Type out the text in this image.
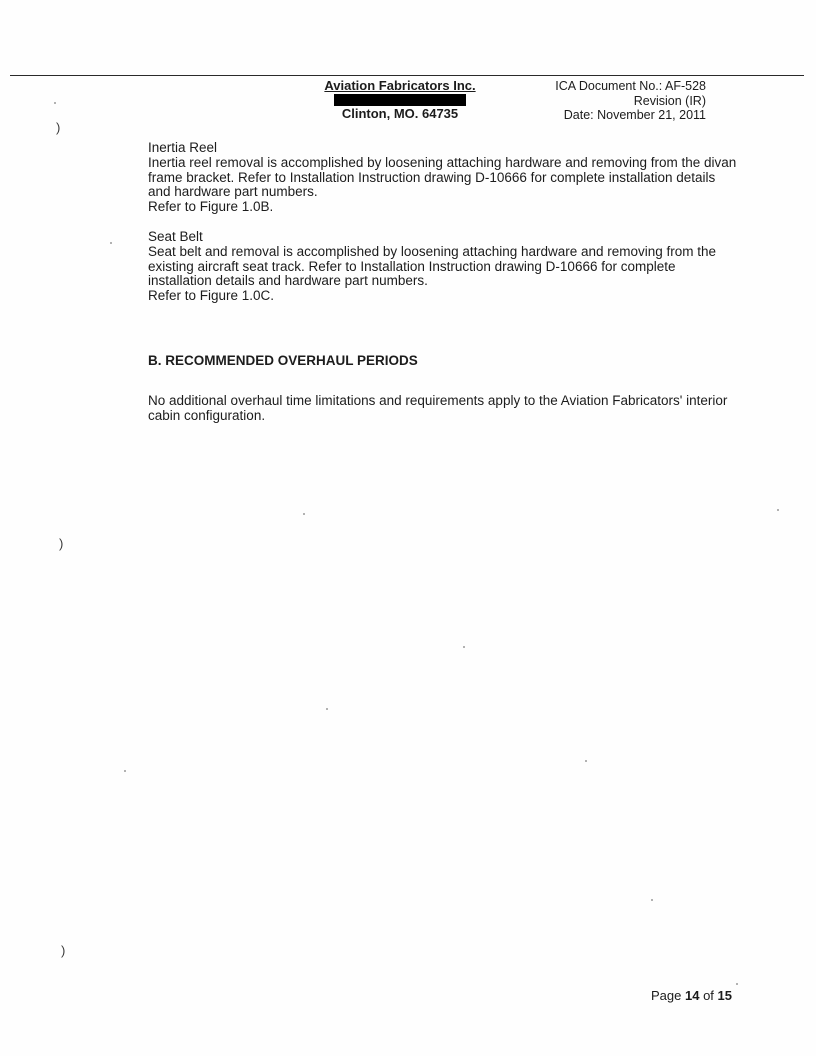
Aviation Fabricators Inc.
Clinton, MO. 64735
ICA Document No.: AF-528
Revision (IR)
Date: November 21, 2011

Inertia Reel

Inertia reel removal is accomplished by loosening attaching hardware and removing from the divan frame bracket. Refer to Installation Instruction drawing D-10666 for complete installation details and hardware part numbers.

Refer to Figure 1.0B.

Seat Belt

Seat belt and removal is accomplished by loosening attaching hardware and removing from the existing aircraft seat track. Refer to Installation Instruction drawing D-10666 for complete installation details and hardware part numbers.

Refer to Figure 1.0C.

B. RECOMMENDED OVERHAUL PERIODS

No additional overhaul time limitations and requirements apply to the Aviation Fabricators' interior cabin configuration.

Page 14 of 15
)
)
)
